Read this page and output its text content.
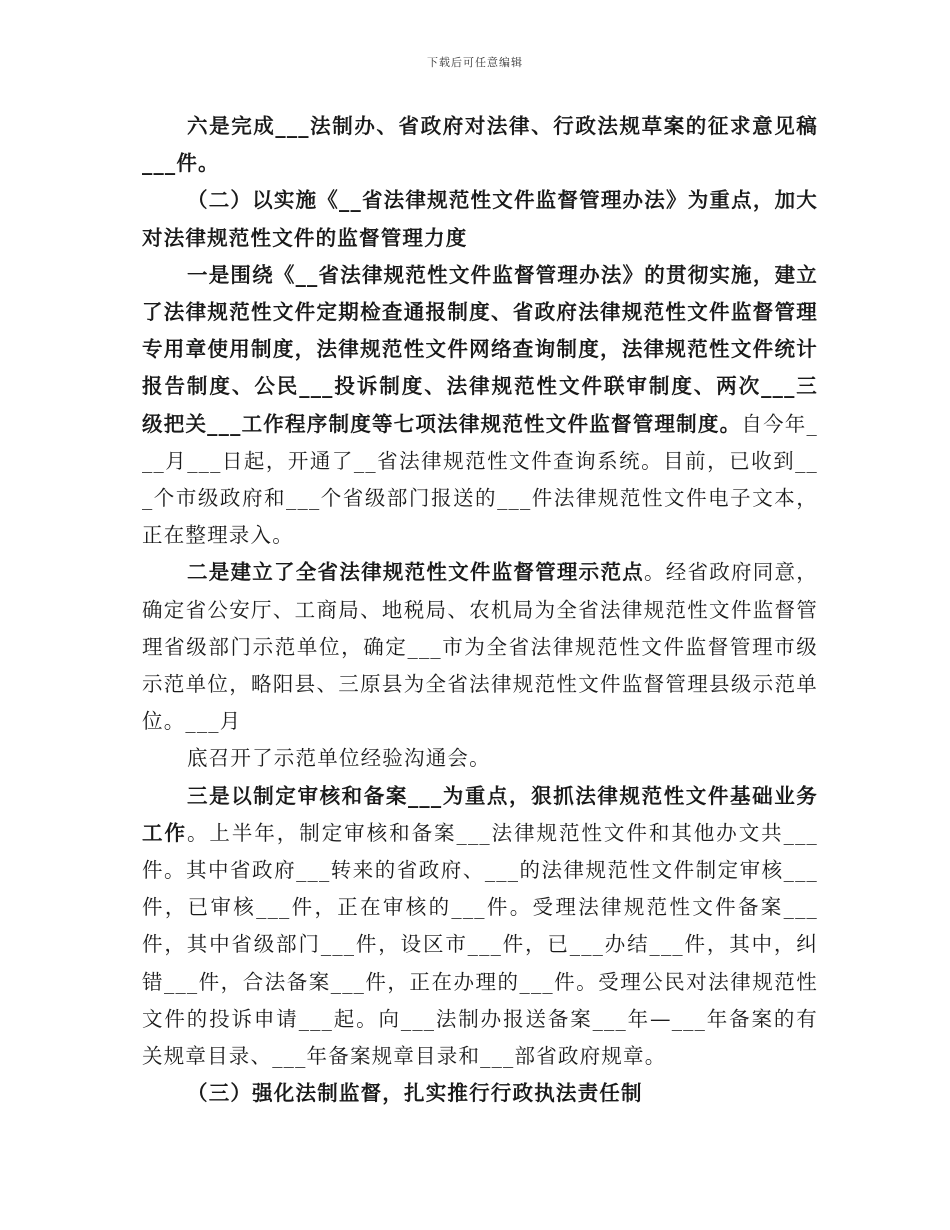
下载后可任意编辑

六是完成___法制办、省政府对法律、行政法规草案的征求意见稿___件。

（二）以实施《__省法律规范性文件监督管理办法》为重点，加大对法律规范性文件的监督管理力度

一是围绕《__省法律规范性文件监督管理办法》的贯彻实施，建立了法律规范性文件定期检查通报制度、省政府法律规范性文件监督管理专用章使用制度，法律规范性文件网络查询制度，法律规范性文件统计报告制度、公民___投诉制度、法律规范性文件联审制度、两次___三级把关___工作程序制度等七项法律规范性文件监督管理制度。自今年___月___日起，开通了__省法律规范性文件查询系统。目前，已收到___个市级政府和___个省级部门报送的___件法律规范性文件电子文本，正在整理录入。

二是建立了全省法律规范性文件监督管理示范点。经省政府同意，确定省公安厅、工商局、地税局、农机局为全省法律规范性文件监督管理省级部门示范单位，确定___市为全省法律规范性文件监督管理市级示范单位，略阳县、三原县为全省法律规范性文件监督管理县级示范单位。___月

底召开了示范单位经验沟通会。

三是以制定审核和备案___为重点，狠抓法律规范性文件基础业务工作。上半年，制定审核和备案___法律规范性文件和其他办文共___件。其中省政府___转来的省政府、___的法律规范性文件制定审核___件，已审核___件，正在审核的___件。受理法律规范性文件备案___件，其中省级部门___件，设区市___件，已___办结___件，其中，纠错___件，合法备案___件，正在办理的___件。受理公民对法律规范性文件的投诉申请___起。向___法制办报送备案___年—___年备案的有关规章目录、___年备案规章目录和___部省政府规章。

（三）强化法制监督，扎实推行行政执法责任制
